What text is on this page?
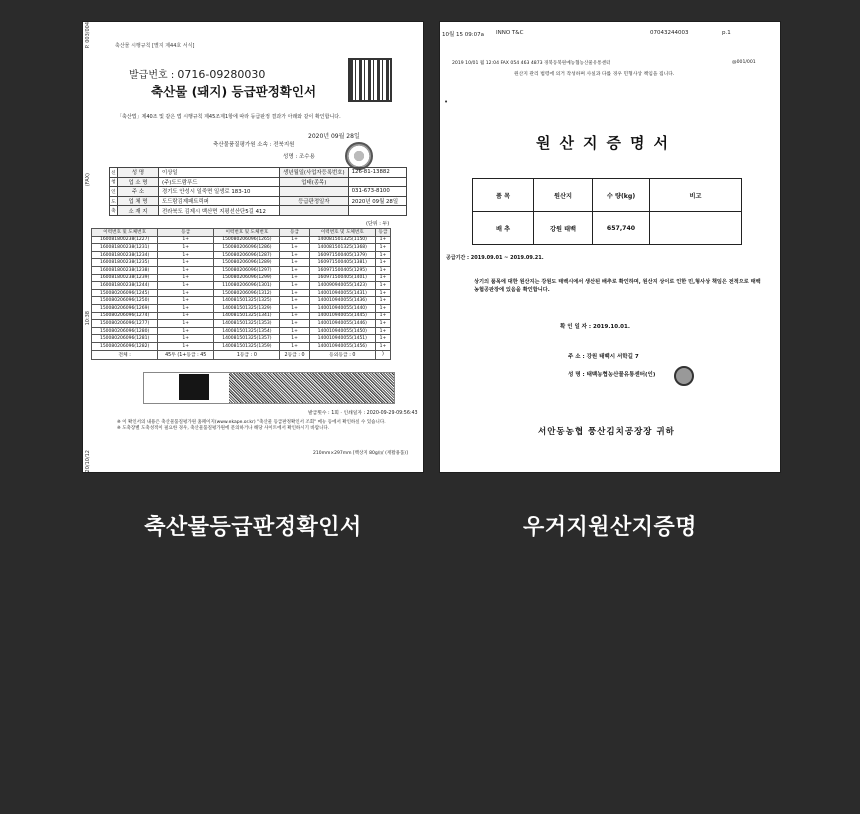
P. 003/004
(FAX)
10:38
20/10/12
축산물 시행규칙 [별지 제44호 서식]
발급번호 : 0716-09280030
축산물 (돼지) 등급판정확인서
「축산법」제40조 및 같은 법 시행규칙 제45조제1항에 따라 등급판정 결과가 아래와 같이 확인합니다.
2020년 09월 28일
축산물품질평가원 소속 : 전북지원
성명 : 조수용
신	성 명	이상일	생년월일(사업자등록번호)	126-81-13882
청	업 소 명	(주)도드람푸드	업태(종목)	
인	주 소	경기도 안성시 일죽면 일생로 183-10		031-673-8100
도	업 체 명	도드람김제패트릭퍼	등급판정일자	2020년 09월 28일
축	소 재 지	전라북도 김제시 백산면 지평선산단5길 412		
(단위 : 두)
이력번호 및 도체번호	등급	이력번호 및 도체번호	등급	이력번호 및 도체번호	등급
160081800238(1227)	1+	150080206096(1265)	1+	140081501325(1150)	1+
160081800238(1231)	1+	150080206096(1286)	1+	140081501325(1368)	1+
160081800238(1234)	1+	150080206096(1287)	1+	160971500405(1379)	1+
160081800238(1235)	1+	150080206096(1289)	1+	160971500405(1381)	1+
160081800238(1238)	1+	150080206096(1297)	1+	160971500405(1295)	1+
160081800238(1239)	1+	150080206096(1299)	1+	160971500405(1401)	1+
160081800238(1244)	1+	110080206096(1301)	1+	140090940055(1423)	1+
150080206096(1245)	1+	150080206096(1312)	1+	140010940055(1431)	1+
150080206096(1250)	1+	140081501325(1325)	1+	140010940055(1436)	1+
150080206096(1269)	1+	140081501325(1329)	1+	140010940055(1440)	1+
150080206096(1274)	1+	140081501325(1341)	1+	140010940055(1445)	1+
150080206096(1277)	1+	140081501325(1353)	1+	140010940055(1446)	1+
150080206096(1280)	1+	140081501325(1354)	1+	140010940055(1450)	1+
150080206096(1281)	1+	140081501325(1357)	1+	140010940055(1451)	1+
150080206096(1282)	1+	140081501325(1359)	1+	140010940055(1456)	1+
전체 :	45두 (1+등급 : 45	1등급 : 0	2등급 : 0	등외등급 : 0	)
발급횟수 : 1회 · 인쇄일자 : 2020-09-29·09:56:43
※ 이 확인서의 내용은 축산물품질평가원 홈페이지(www.ekape.or.kr) "축산물 등급판정확인서 조회" 메뉴 등에서 확인하실 수 있습니다.
※ 도축장별 도축성적이 필요한 경우, 축산물품질평가원에 문의하거나 해당 사이트에서 확인하시기 바랍니다.
210mm×297mm [백상지 80g/㎡ (재활용품)]
10월 15 09:07a INNO T&C	07043244003	p.1
2019 10/01 월 12:04 FAX 054 463 4873 경북동북원예농협농산물유통센터	@001/001
원산지 관리 법령에 의거 작성하며 사실과 다를 경우 민형사상 책임을 집니다.
•
원산지증명서
품 목	원산지	수 량(kg)	비고
배 추	강원 태백	657,740	
공급기간 : 2019.09.01 ~ 2019.09.21.
상기의 품목에 대한 원산지는 강원도 태백시에서 생산된 배추로 확인하며, 원산지 상이로 인한 민,형사상 책임은 전적으로 태백농협공판장에 있음을 확인합니다.
확 인 일 자 : 2019.10.01.
주 소 : 강원 태백시 서학길 7
성 명 : 태백농협농산물유통센터(인)
서안동농협 풍산김치공장장 귀하
축산물등급판정확인서	우거지원산지증명
